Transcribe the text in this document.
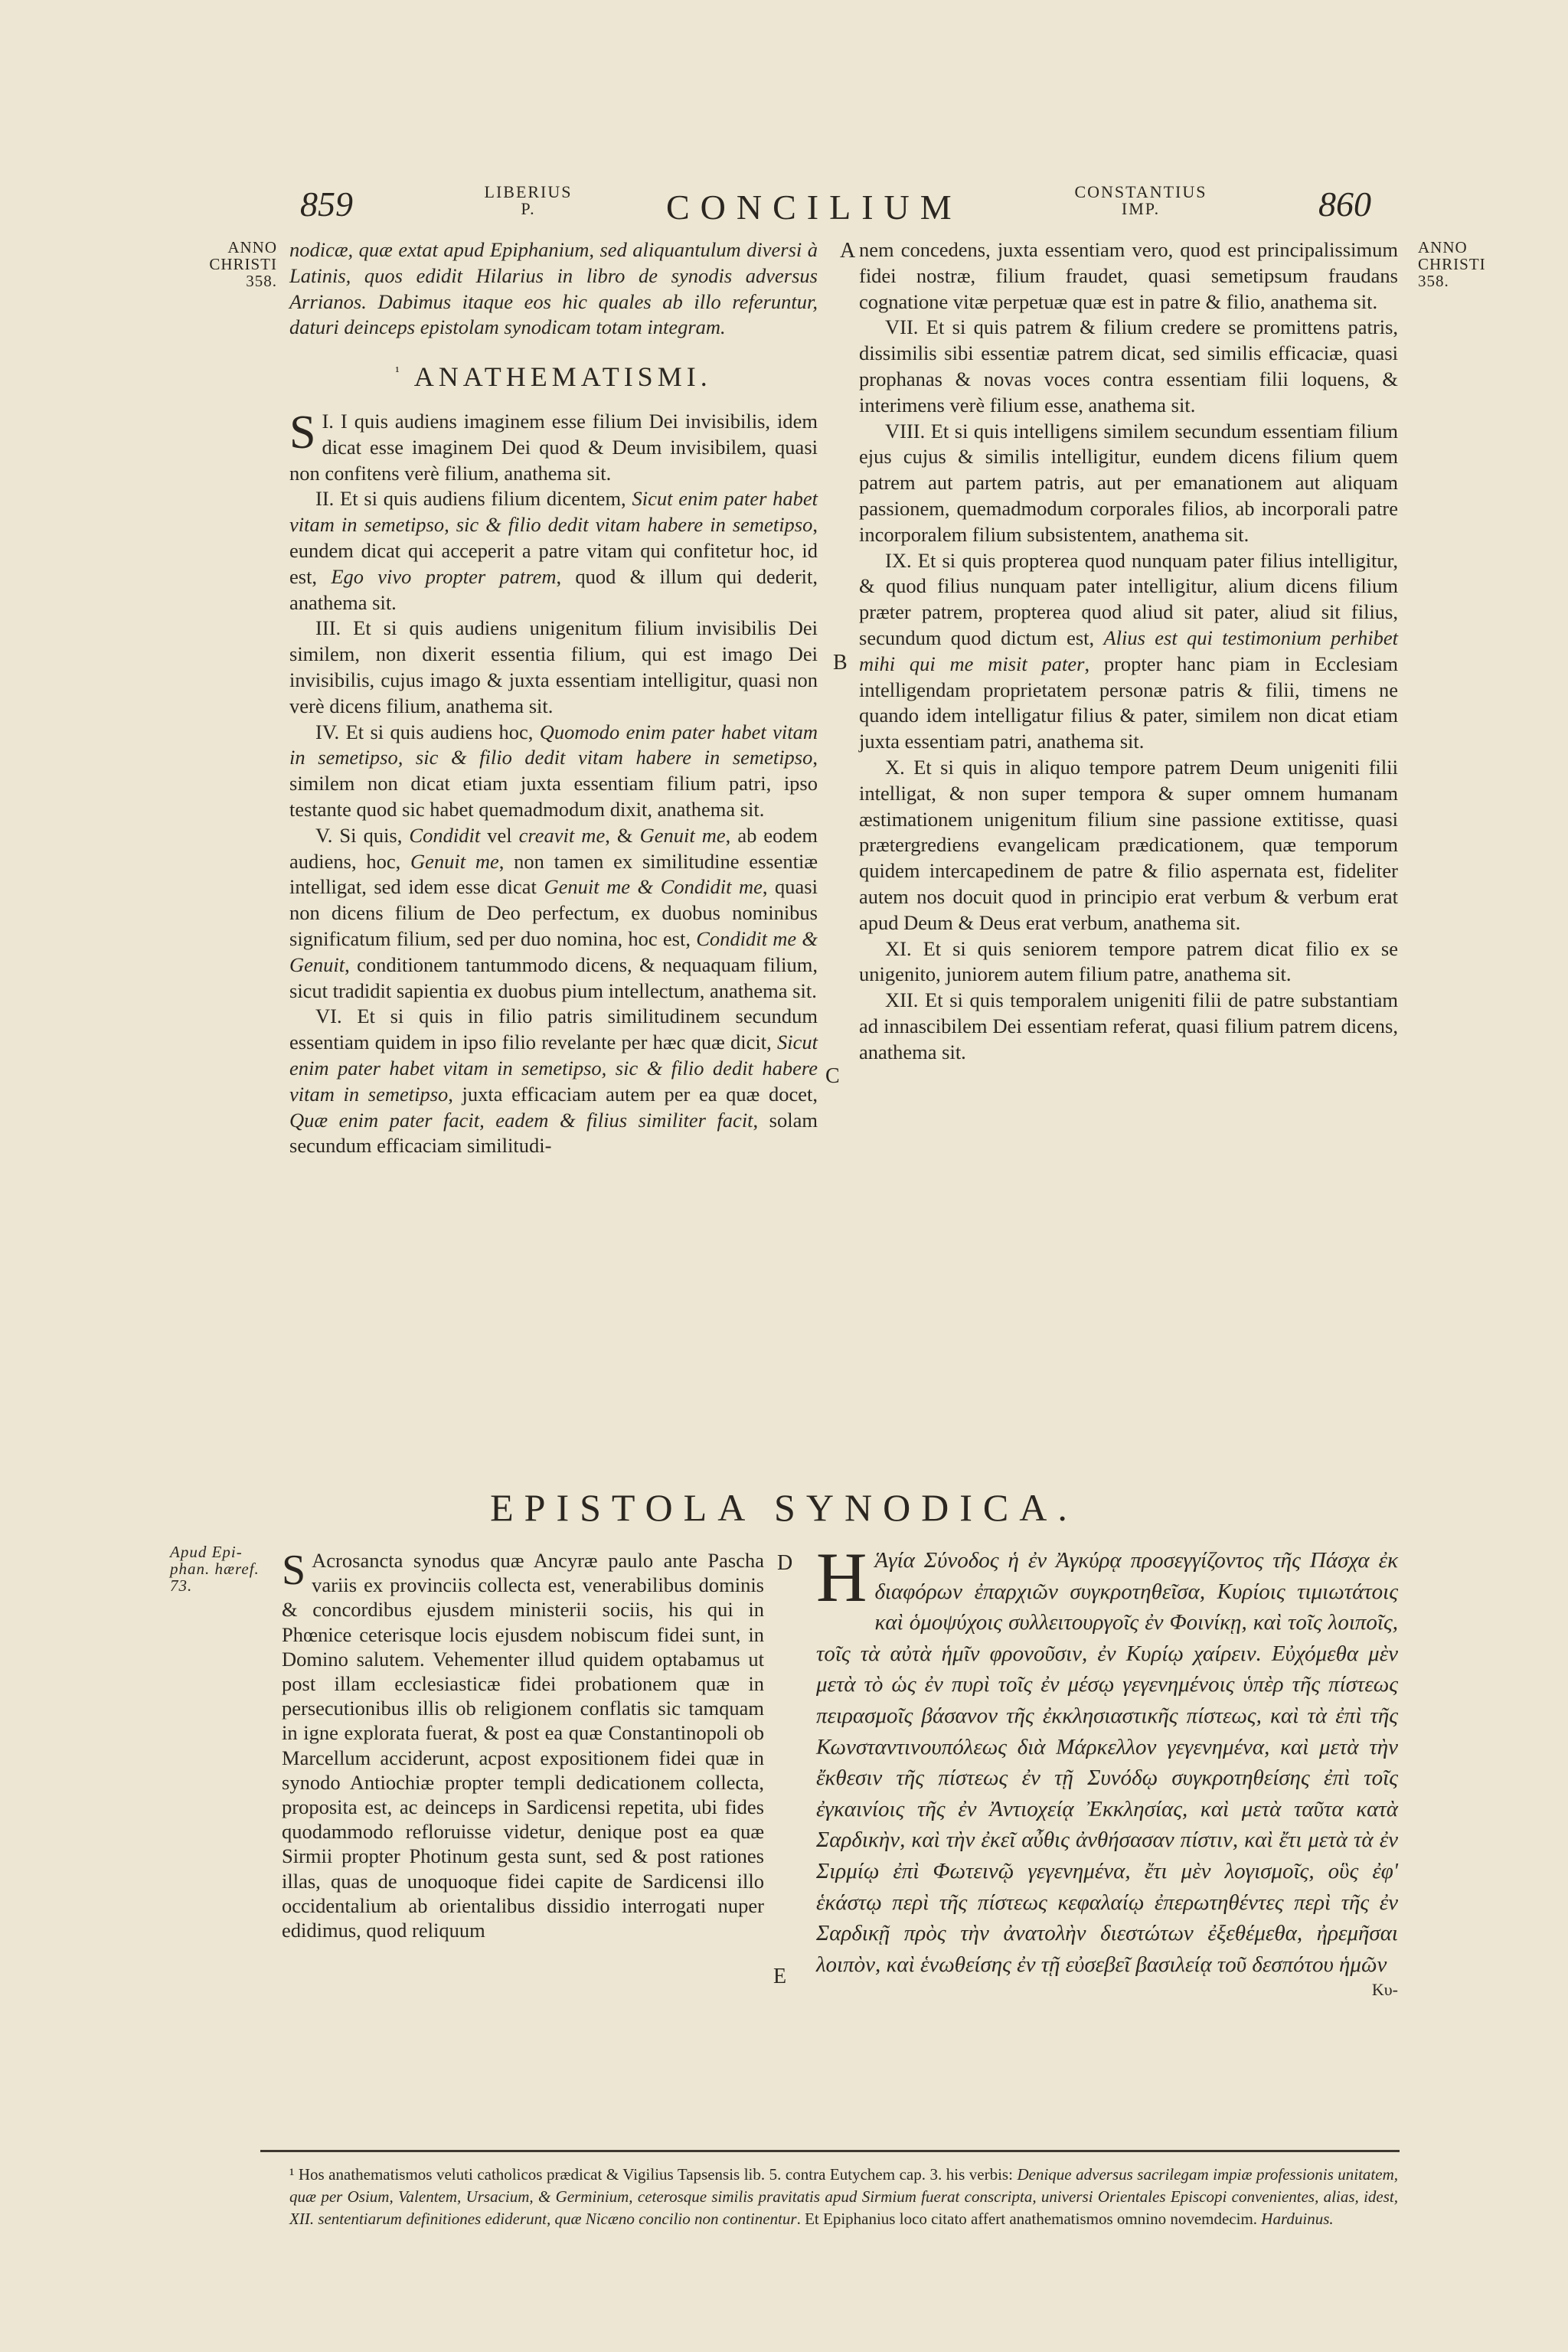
859	LIBERIUS
P.	CONCILIUM	CONSTANTIUS
IMP.	860
ANNO
CHRISTI
358.
ANNO
CHRISTI
358.
Apud Epi-
phan. hæref.
73.
A
B
C
D
E

nodicæ, quæ extat apud Epiphanium, sed aliquantulum diversi à Latinis, quos edidit Hilarius in libro de synodis adversus Arrianos. Dabimus itaque eos hic quales ab illo referuntur, daturi deinceps epistolam synodicam totam integram.

$^{^1}$ ANATHEMATISMI.

I.
S I quis audiens imaginem esse filium Dei invisibilis, idem dicat esse imaginem Dei quod & Deum invisibilem, quasi non confitens verè filium, anathema sit.

II. Et si quis audiens filium dicentem, Sicut enim pater habet vitam in semetipso, sic & filio dedit vitam habere in semetipso, eundem dicat qui acceperit a patre vitam qui confitetur hoc, id est, Ego vivo propter patrem, quod & illum qui dederit, anathema sit.

III. Et si quis audiens unigenitum filium invisibilis Dei similem, non dixerit essentia filium, qui est imago Dei invisibilis, cujus imago & juxta essentiam intelligitur, quasi non verè dicens filium, anathema sit.

IV. Et si quis audiens hoc, Quomodo enim pater habet vitam in semetipso, sic & filio dedit vitam habere in semetipso, similem non dicat etiam juxta essentiam filium patri, ipso testante quod sic habet quemadmodum dixit, anathema sit.

V. Si quis, Condidit vel creavit me, & Genuit me, ab eodem audiens, hoc, Genuit me, non tamen ex similitudine essentiæ intelligat, sed idem esse dicat Genuit me & Condidit me, quasi non dicens filium de Deo perfectum, ex duobus nominibus significatum filium, sed per duo nomina, hoc est, Condidit me & Genuit, conditionem tantummodo dicens, & nequaquam filium, sicut tradidit sapientia ex duobus pium intellectum, anathema sit.

VI. Et si quis in filio patris similitudinem secundum essentiam quidem in ipso filio revelante per hæc quæ dicit, Sicut enim pater habet vitam in semetipso, sic & filio dedit habere vitam in semetipso, juxta efficaciam autem per ea quæ docet, Quæ enim pater facit, eadem & filius similiter facit, solam secundum efficaciam similitudi-

nem concedens, juxta essentiam vero, quod est principalissimum fidei nostræ, filium fraudet, quasi semetipsum fraudans cognatione vitæ perpetuæ quæ est in patre & filio, anathema sit.

VII. Et si quis patrem & filium credere se promittens patris, dissimilis sibi essentiæ patrem dicat, sed similis efficaciæ, quasi prophanas & novas voces contra essentiam filii loquens, & interimens verè filium esse, anathema sit.

VIII. Et si quis intelligens similem secundum essentiam filium ejus cujus & similis intelligitur, eundem dicens filium quem patrem aut partem patris, aut per emanationem aut aliquam passionem, quemadmodum corporales filios, ab incorporali patre incorporalem filium subsistentem, anathema sit.

IX. Et si quis propterea quod nunquam pater filius intelligitur, & quod filius nunquam pater intelligitur, alium dicens filium præter patrem, propterea quod aliud sit pater, aliud sit filius, secundum quod dictum est, Alius est qui testimonium perhibet mihi qui me misit pater, propter hanc piam in Ecclesiam intelligendam proprietatem personæ patris & filii, timens ne quando idem intelligatur filius & pater, similem non dicat etiam juxta essentiam patri, anathema sit.

X. Et si quis in aliquo tempore patrem Deum unigeniti filii intelligat, & non super tempora & super omnem humanam æstimationem unigenitum filium sine passione extitisse, quasi prætergrediens evangelicam prædicationem, quæ temporum quidem intercapedinem de patre & filio aspernata est, fideliter autem nos docuit quod in principio erat verbum & verbum erat apud Deum & Deus erat verbum, anathema sit.

XI. Et si quis seniorem tempore patrem dicat filio ex se unigenito, juniorem autem filium patre, anathema sit.

XII. Et si quis temporalem unigeniti filii de patre substantiam ad innascibilem Dei essentiam referat, quasi filium patrem dicens, anathema sit.

EPISTOLA SYNODICA.

S Acrosancta synodus quæ Ancyræ paulo ante Pascha variis ex provinciis collecta est, venerabilibus dominis & concordibus ejusdem ministerii sociis, his qui in Phœnice ceterisque locis ejusdem nobiscum fidei sunt, in Domino salutem. Vehementer illud quidem optabamus ut post illam ecclesiasticæ fidei probationem quæ in persecutionibus illis ob religionem conflatis sic tamquam in igne explorata fuerat, & post ea quæ Constantinopoli ob Marcellum acciderunt, acpost expositionem fidei quæ in synodo Antiochiæ propter templi dedicationem collecta, proposita est, ac deinceps in Sardicensi repetita, ubi fides quodammodo refloruisse videtur, denique post ea quæ Sirmii propter Photinum gesta sunt, sed & post rationes illas, quas de unoquoque fidei capite de Sardicensi illo occidentalium ab orientalibus dissidio interrogati nuper edidimus, quod reliquum

Η Ἁγία Σύνοδος ἡ ἐν Ἀγκύρᾳ προσεγγίζοντος τῆς Πάσχα ἐκ διαφόρων ἐπαρχιῶν συγκροτηθεῖσα, Κυρίοις τιμιωτάτοις καὶ ὁμοψύχοις συλλειτουργοῖς ἐν Φοινίκῃ, καὶ τοῖς λοιποῖς, τοῖς τὰ αὐτὰ ἡμῖν φρονοῦσιν, ἐν Κυρίῳ χαίρειν. Εὐχόμεθα μὲν μετὰ τὸ ὡς ἐν πυρὶ τοῖς ἐν μέσῳ γεγενημένοις ὑπὲρ τῆς πίστεως πειρασμοῖς βάσανον τῆς ἐκκλησιαστικῆς πίστεως, καὶ τὰ ἐπὶ τῆς Κωνσταντινουπόλεως διὰ Μάρκελλον γεγενημένα, καὶ μετὰ τὴν ἔκθεσιν τῆς πίστεως ἐν τῇ Συνόδῳ συγκροτηθείσης ἐπὶ τοῖς ἐγκαινίοις τῆς ἐν Ἀντιοχείᾳ Ἐκκλησίας, καὶ μετὰ ταῦτα κατὰ Σαρδικὴν, καὶ τὴν ἐκεῖ αὖθις ἀνθήσασαν πίστιν, καὶ ἔτι μετὰ τὰ ἐν Σιρμίῳ ἐπὶ Φωτεινῷ γεγενημένα, ἔτι μὲν λογισμοῖς, οὓς ἐφ' ἑκάστῳ περὶ τῆς πίστεως κεφαλαίῳ ἐπερωτηθέντες περὶ τῆς ἐν Σαρδικῇ πρὸς τὴν ἀνατολὴν διεστώτων ἐξεθέμεθα, ἠρεμῆσαι λοιπὸν, καὶ ἑνωθείσης ἐν τῇ εὐσεβεῖ βασιλείᾳ τοῦ δεσπότου ἡμῶν

Κυ-
¹ Hos anathematismos veluti catholicos prædicat & Vigilius Tapsensis lib. 5. contra Eutychem cap. 3. his verbis: Denique adversus sacrilegam impiæ professionis unitatem, quæ per Osium, Valentem, Ursacium, & Germinium, ceterosque similis pravitatis apud Sirmium fuerat conscripta, universi Orientales Episcopi convenientes, alias, idest, XII. sententiarum definitiones ediderunt, quæ Nicæno concilio non continentur. Et Epiphanius loco citato affert anathematismos omnino novemdecim. Harduinus.
